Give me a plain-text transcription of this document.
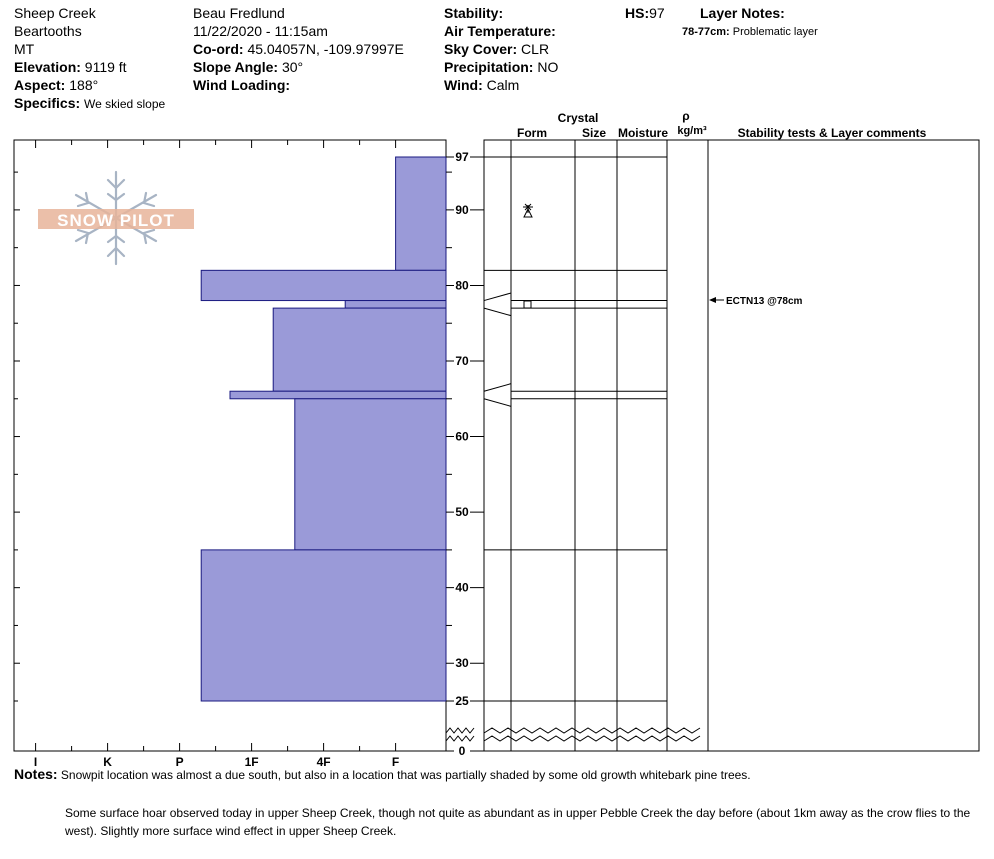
Sheep Creek
Beartooths
MT
Elevation: 9119 ft
Aspect: 188°
Specifics: We skied slope
Beau Fredlund
11/22/2020 - 11:15am
Co-ord: 45.04057N, -109.97997E
Slope Angle: 30°
Wind Loading:
Stability:
Air Temperature:
Sky Cover: CLR
Precipitation: NO
Wind: Calm
HS:97	Layer Notes:
78-77cm: Problematic layer
Crystal
Form	Size Moisture
ρ
kg/m³	Stability tests & Layer comments
I	K	P	1F	4F	F
SNOW PILOT
97
90
80
70
60
50
40
30
25
0
ECTN13 @78cm
Notes: Snowpit location was almost a due south, but also in a location that was partially shaded by some old growth whitebark pine trees.
Some surface hoar observed today in upper Sheep Creek, though not quite as abundant as in upper Pebble Creek the day before (about 1km away as the crow flies to the west). Slightly more surface wind effect in upper Sheep Creek.
